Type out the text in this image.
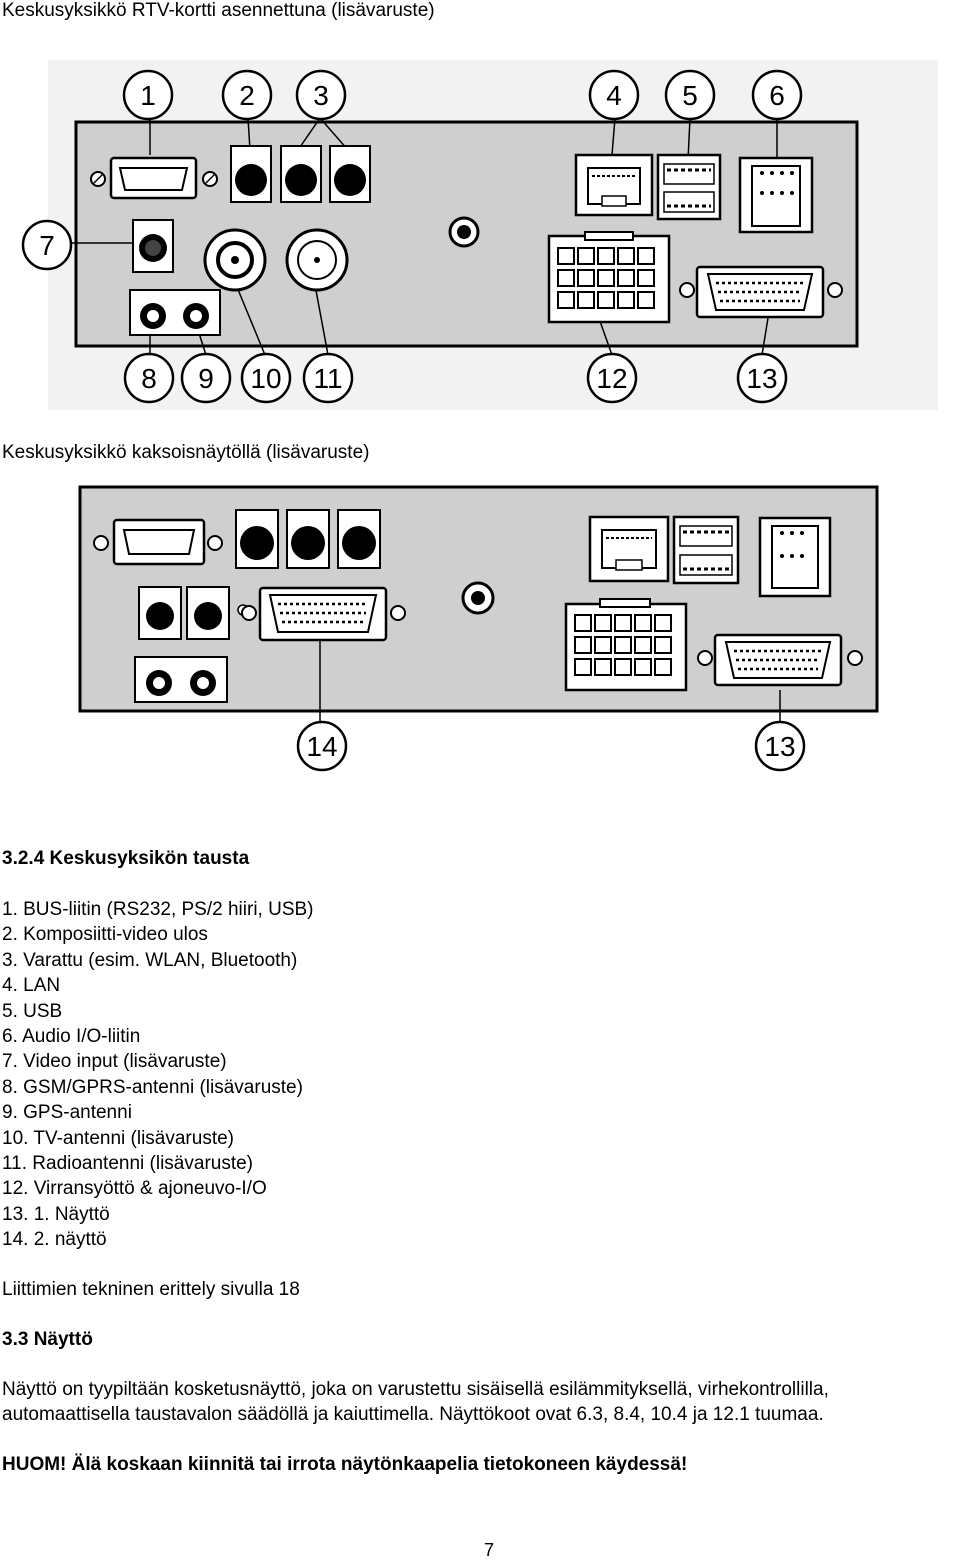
Keskusyksikkö RTV-kortti asennettuna (lisävaruste)
1	2 3	4 5	6
7
8 9 10 11	12	13
Keskusyksikkö kaksoisnäytöllä (lisävaruste)
14	13
3.2.4 Keskusyksikön tausta
1. BUS-liitin (RS232, PS/2 hiiri, USB)
2. Komposiitti-video ulos
3. Varattu (esim. WLAN, Bluetooth)
4. LAN
5. USB
6. Audio I/O-liitin
7. Video input (lisävaruste)
8. GSM/GPRS-antenni (lisävaruste)
9. GPS-antenni
10. TV-antenni (lisävaruste)
11. Radioantenni (lisävaruste)
12. Virransyöttö & ajoneuvo-I/O
13. 1. Näyttö
14. 2. näyttö
Liittimien tekninen erittely sivulla 18
3.3 Näyttö
Näyttö on tyypiltään kosketusnäyttö, joka on varustettu sisäisellä esilämmityksellä, virhekontrollilla, automaattisella taustavalon säädöllä ja kaiuttimella. Näyttökoot ovat 6.3, 8.4, 10.4 ja 12.1 tuumaa.
HUOM! Älä koskaan kiinnitä tai irrota näytönkaapelia tietokoneen käydessä!
7
